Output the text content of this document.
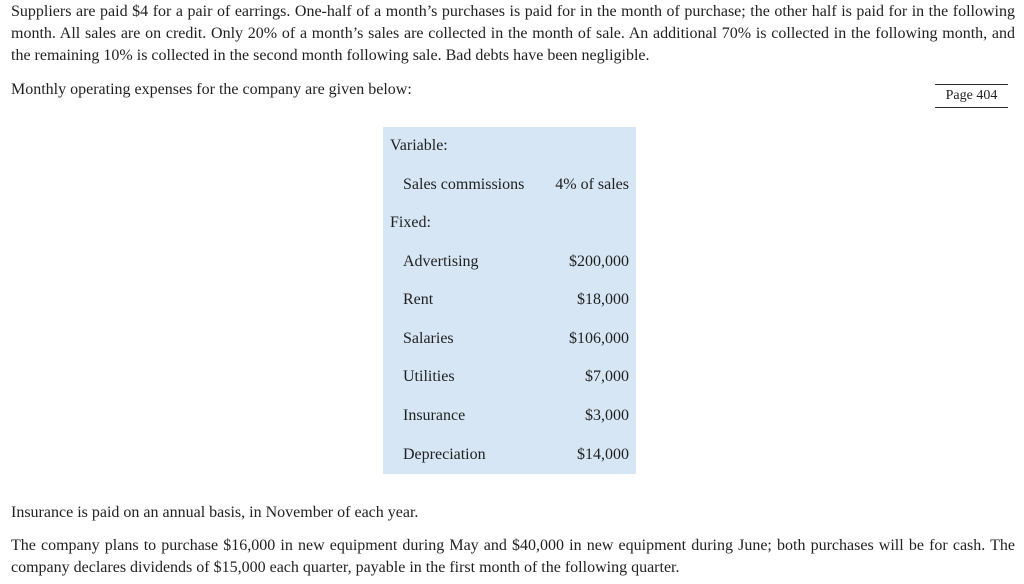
Suppliers are paid $4 for a pair of earrings. One-half of a month’s purchases is paid for in the month of purchase; the other half is paid for in the following month. All sales are on credit. Only 20% of a month’s sales are collected in the month of sale. An additional 70% is collected in the following month, and the remaining 10% is collected in the second month following sale. Bad debts have been negligible.

Monthly operating expenses for the company are given below:	Page 404
Variable:
Sales commissions 4% of sales
Fixed:
Advertising	$200,000
Rent	$18,000
Salaries	$106,000
Utilities	$7,000
Insurance	$3,000
Depreciation	$14,000

Insurance is paid on an annual basis, in November of each year.

The company plans to purchase $16,000 in new equipment during May and $40,000 in new equipment during June; both purchases will be for cash. The company declares dividends of $15,000 each quarter, payable in the first month of the following quarter.
